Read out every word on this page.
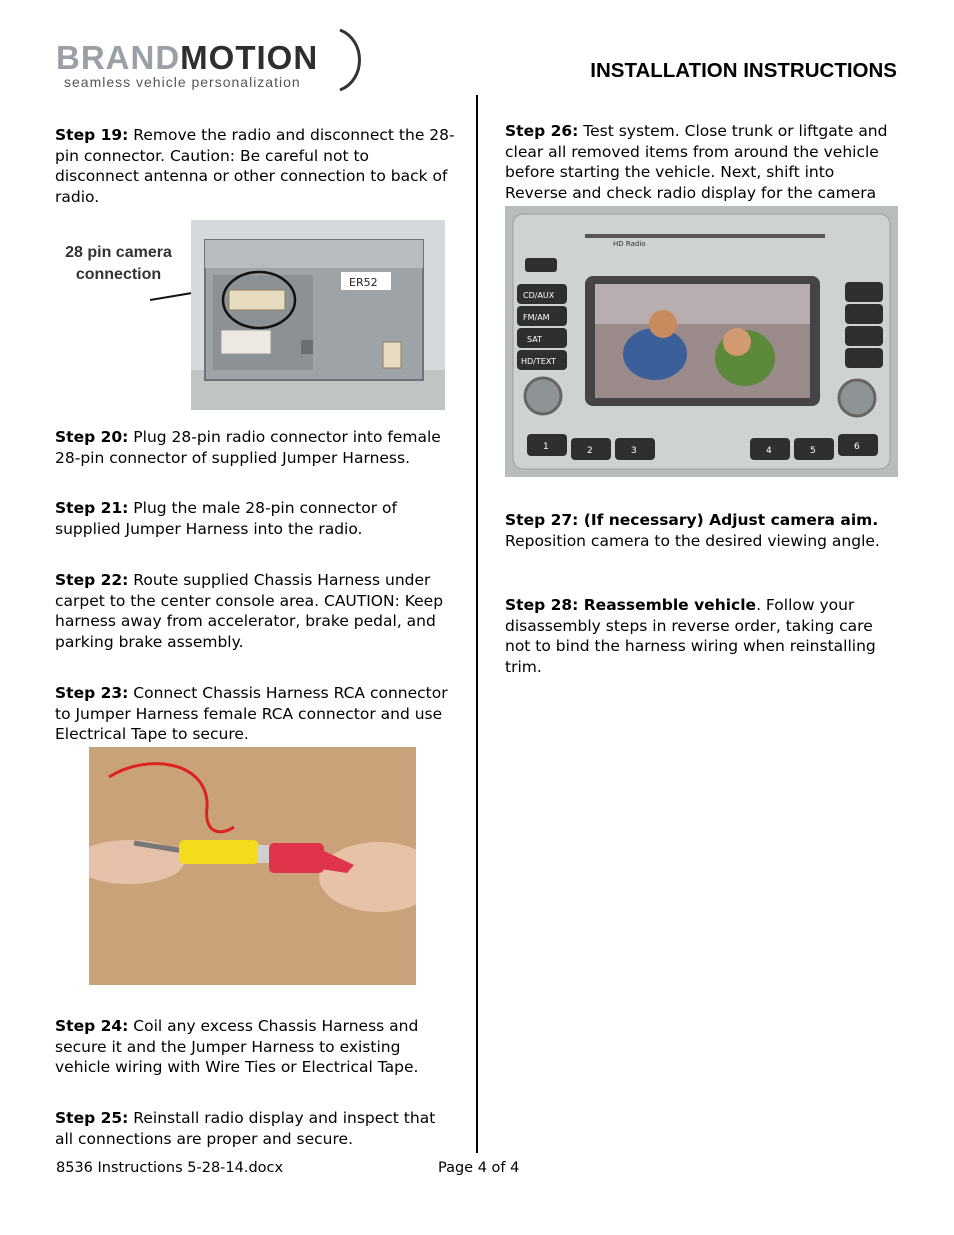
BRANDMOTION
seamless vehicle personalization	INSTALLATION INSTRUCTIONS
Step 19: Remove the radio and disconnect the 28-pin connector. Caution: Be careful not to disconnect antenna or other connection to back of radio.
28 pin camera
connection	ER52
Step 20: Plug 28-pin radio connector into female 28-pin connector of supplied Jumper Harness.
Step 21: Plug the male 28-pin connector of supplied Jumper Harness into the radio.
Step 22: Route supplied Chassis Harness under carpet to the center console area. CAUTION: Keep harness away from accelerator, brake pedal, and parking brake assembly.
Step 23: Connect Chassis Harness RCA connector to Jumper Harness female RCA connector and use Electrical Tape to secure.
Step 24: Coil any excess Chassis Harness and secure it and the Jumper Harness to existing vehicle wiring with Wire Ties or Electrical Tape.
Step 25: Reinstall radio display and inspect that all connections are proper and secure.
Step 26: Test system. Close trunk or liftgate and clear all removed items from around the vehicle before starting the vehicle. Next, shift into Reverse and check radio display for the camera
HD Radio
CD/AUX
FM/AM
SAT
HD/TEXT
1	2	3	4	5	6
Step 27: (If necessary) Adjust camera aim. Reposition camera to the desired viewing angle.
Step 28: Reassemble vehicle. Follow your disassembly steps in reverse order, taking care not to bind the harness wiring when reinstalling trim.
8536 Instructions 5-28-14.docx	Page 4 of 4
